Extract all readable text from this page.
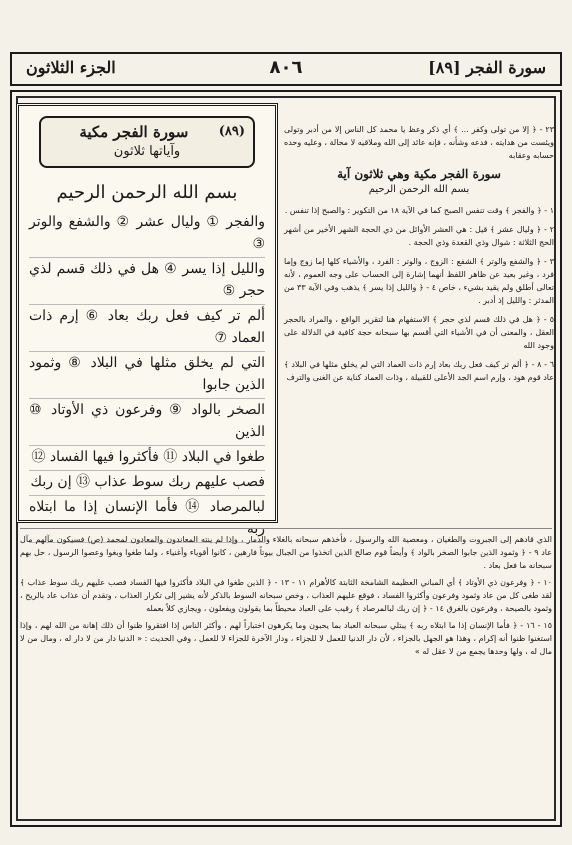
الجزء الثلاثون	٨٠٦	سورة الفجر [٨٩]
(٨٩)
سورة الفجر مكية
وآياتها ثلاثون
بسم الله الرحمن الرحيم
والفجر ① وليال عشر ② والشفع والوتر ③
والليل إذا يسر ④ هل في ذلك قسم لذي حجر ⑤
ألم تر كيف فعل ربك بعاد ⑥ إرم ذات العماد ⑦
التي لم يخلق مثلها في البلاد ⑧ وثمود الذين جابوا
الصخر بالواد ⑨ وفرعون ذي الأوتاد ⑩ الذين
طغوا في البلاد ⑪ فأكثروا فيها الفساد ⑫
فصب عليهم ربك سوط عذاب ⑬ إن ربك
لبالمرصاد ⑭ فأما الإنسان إذا ما ابتلاه ربه

٢٣ - ﴿ إلا من تولى وكفر ... ﴾ أي ذكر وعظ يا محمد كل الناس إلا من أدبر وتولى ويئست من هدايته ، فدعه وشأنه ، فإنه عائد إلى الله وملاقيه لا محالة ، وعليه وحده حسابه وعقابه

سورة الفجر مكية وهي ثلاثون آية
بسم الله الرحمن الرحيم

١ - ﴿ والفجر ﴾ وقت تنفس الصبح كما في الآية ١٨ من التكوير : والصبح إذا تنفس .

٢ - ﴿ وليال عشر ﴾ قيل : هي العشر الأوائل من ذي الحجة الشهر الأخير من أشهر الحج الثلاثة : شوال وذي القعدة وذي الحجة .

٣ - ﴿ والشفع والوتر ﴾ الشفع : الزوج ، والوتر : الفرد ، والأشياء كلها إما زوج وإما فرد ، وغير بعيد عن ظاهر اللفظ أنهما إشارة إلى الحساب على وجه العموم ، لأنه تعالى أطلق ولم يقيد بشيء ، خاص ٤ - ﴿ والليل إذا يسر ﴾ يذهب وفي الآية ٣٣ من المدثر : والليل إذ أدبر .

٥ - ﴿ هل في ذلك قسم لذي حجر ﴾ الاستفهام هنا لتقرير الواقع ، والمراد بالحجر العقل ، والمعنى أن في الأشياء التي أقسم بها سبحانه حجة كافية في الدلالة على وجود الله

٦ - ٨ - ﴿ ألم تر كيف فعل ربك بعاد إرم ذات العماد التي لم يخلق مثلها في البلاد ﴾ عاد قوم هود ، وإرم اسم الجد الأعلى للقبيلة ، وذات العماد كناية عن الغنى والترف

الذي قادهم إلى الجبروت والطغيان ، ومعصية الله والرسول ، فأخذهم سبحانه بالغلاء والدمار ، وإذا لم ينته المعاندون والمعادون لمحمد (ص) فسيكون مآلهم مآل عاد ٩ - ﴿ وثمود الذين جابوا الصخر بالواد ﴾ وأيضاً قوم صالح الذين اتخذوا من الجبال بيوتاً فارهين ، كانوا أقوياء وأغنياء ، ولما طغوا وبغوا وعصوا الرسول ، حل بهم سبحانه ما فعل بعاد .

١٠ - ﴿ وفرعون ذي الأوتاد ﴾ أي المباني العظيمة الشامخة الثابتة كالأهرام ١١ - ١٣ - ﴿ الذين طغوا في البلاد فأكثروا فيها الفساد فصب عليهم ربك سوط عذاب ﴾ لقد طغى كل من عاد وثمود وفرعون وأكثروا الفساد ، فوقع عليهم العذاب ، وخص سبحانه السوط بالذكر لأنه يشير إلى تكرار العذاب ، وتقدم أن عذاب عاد بالريح ، وثمود بالصيحة ، وفرعون بالغرق ١٤ - ﴿ إن ربك لبالمرصاد ﴾ رقيب على العباد محيطاً بما يقولون ويفعلون ، ويجازي كلاً بعمله

١٥ - ١٦ - ﴿ فأما الإنسان إذا ما ابتلاه ربه ﴾ يبتلي سبحانه العباد بما يحبون وما يكرهون اختباراً لهم ، وأكثر الناس إذا افتقروا ظنوا أن ذلك إهانة من الله لهم ، وإذا استغنوا ظنوا أنه إكرام ، وهذا هو الجهل بالجزاء ، لأن دار الدنيا للعمل لا للجزاء ، ودار الآخرة للجزاء لا للعمل ، وفي الحديث : « الدنيا دار من لا دار له ، ومال من لا مال له ، ولها وحدها يجمع من لا عقل له »
